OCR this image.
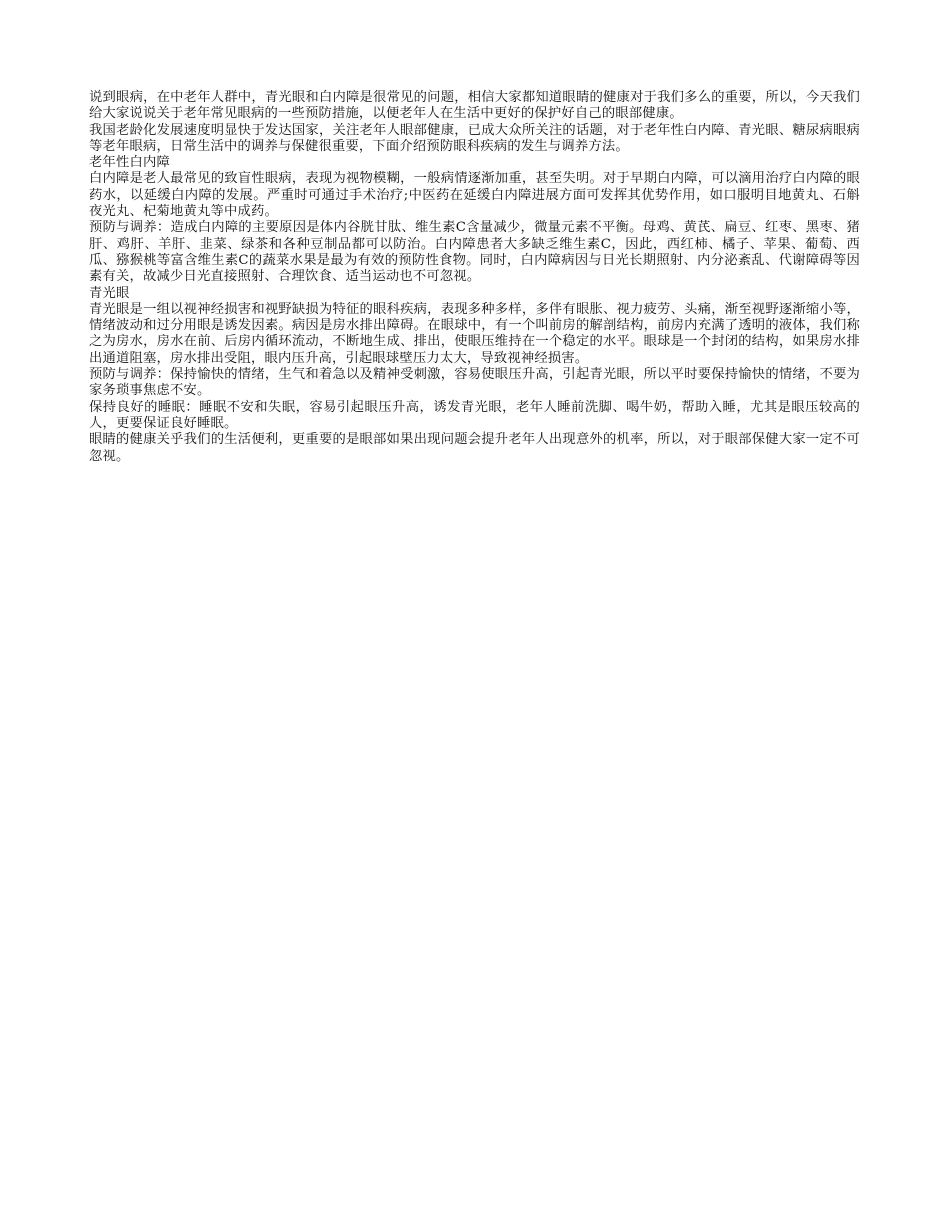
说到眼病，在中老年人群中，青光眼和白内障是很常见的问题，相信大家都知道眼睛的健康对于我们多么的重要，所以，今天我们给大家说说关于老年常见眼病的一些预防措施，以便老年人在生活中更好的保护好自己的眼部健康。

我国老龄化发展速度明显快于发达国家，关注老年人眼部健康，已成大众所关注的话题，对于老年性白内障、青光眼、糖尿病眼病等老年眼病，日常生活中的调养与保健很重要，下面介绍预防眼科疾病的发生与调养方法。

老年性白内障

白内障是老人最常见的致盲性眼病，表现为视物模糊，一般病情逐渐加重，甚至失明。对于早期白内障，可以滴用治疗白内障的眼药水，以延缓白内障的发展。严重时可通过手术治疗;中医药在延缓白内障进展方面可发挥其优势作用，如口服明目地黄丸、石斛夜光丸、杞菊地黄丸等中成药。

预防与调养：造成白内障的主要原因是体内谷胱甘肽、维生素C含量减少，微量元素不平衡。母鸡、黄芪、扁豆、红枣、黑枣、猪肝、鸡肝、羊肝、韭菜、绿茶和各种豆制品都可以防治。白内障患者大多缺乏维生素C，因此，西红柿、橘子、苹果、葡萄、西瓜、猕猴桃等富含维生素C的蔬菜水果是最为有效的预防性食物。同时，白内障病因与日光长期照射、内分泌紊乱、代谢障碍等因素有关，故减少日光直接照射、合理饮食、适当运动也不可忽视。

青光眼

青光眼是一组以视神经损害和视野缺损为特征的眼科疾病，表现多种多样，多伴有眼胀、视力疲劳、头痛，渐至视野逐渐缩小等，情绪波动和过分用眼是诱发因素。病因是房水排出障碍。在眼球中，有一个叫前房的解剖结构，前房内充满了透明的液体，我们称之为房水，房水在前、后房内循环流动，不断地生成、排出，使眼压维持在一个稳定的水平。眼球是一个封闭的结构，如果房水排出通道阻塞，房水排出受阻，眼内压升高，引起眼球壁压力太大，导致视神经损害。

预防与调养：保持愉快的情绪，生气和着急以及精神受刺激，容易使眼压升高，引起青光眼，所以平时要保持愉快的情绪，不要为家务琐事焦虑不安。

保持良好的睡眠：睡眠不安和失眠，容易引起眼压升高，诱发青光眼，老年人睡前洗脚、喝牛奶，帮助入睡，尤其是眼压较高的人，更要保证良好睡眠。

眼睛的健康关乎我们的生活便利，更重要的是眼部如果出现问题会提升老年人出现意外的机率，所以，对于眼部保健大家一定不可忽视。
